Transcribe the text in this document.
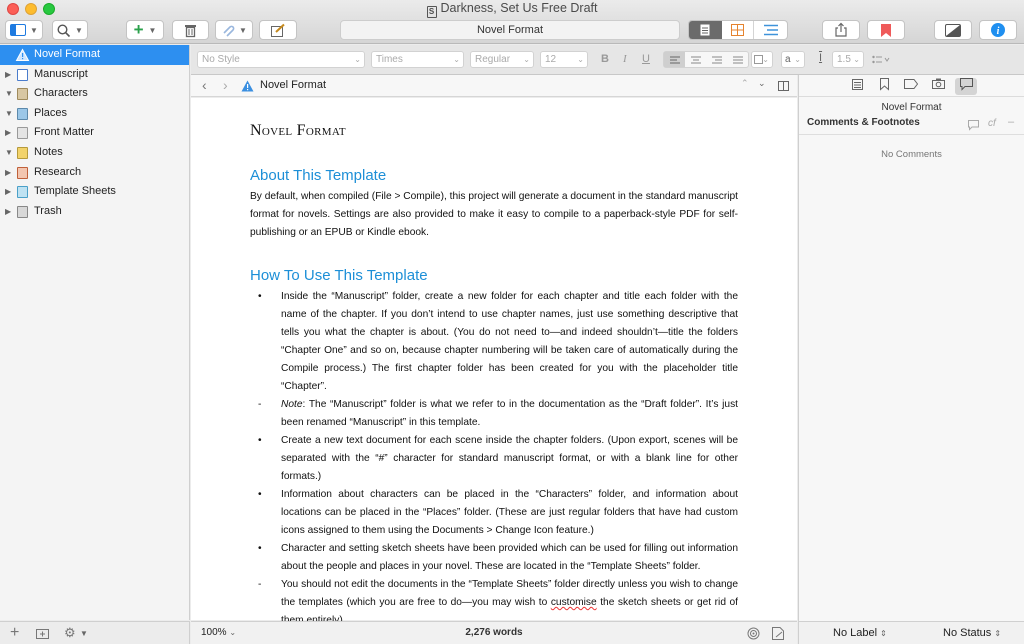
S Darkness, Set Us Free Draft
▼	▼	+ ▼	▼	Novel Format	i
Novel Format
▶ Manuscript
▼ Characters
▼ Places
▶ Front Matter
▼ Notes
▶ Research
▶ Template Sheets
▶ Trash
+	⚙ ▼
No Style	⌄	Times	⌄	Regular ⌄	12	⌄ B I U	⌄	a ⌄ I	1.5 ⌄
‹ ›	Novel Format	⌃ ⌄
Novel Format
About This Template

By default, when compiled (File > Compile), this project will generate a document in the standard manuscript format for novels. Settings are also provided to make it easy to compile to a paperback-style PDF for self-publishing or an EPUB or Kindle ebook.

How To Use This Template
• Inside the “Manuscript” folder, create a new folder for each chapter and title each folder with the name of the chapter. If you don’t intend to use chapter names, just use something descriptive that tells you what the chapter is about. (You do not need to—and indeed shouldn’t—title the folders “Chapter One” and so on, because chapter numbering will be taken care of automatically during the Compile process.) The first chapter folder has been created for you with the placeholder title “Chapter”.
- Note: The “Manuscript” folder is what we refer to in the documentation as the “Draft folder”. It’s just been renamed “Manuscript” in this template.
• Create a new text document for each scene inside the chapter folders. (Upon export, scenes will be separated with the “#” character for standard manuscript format, or with a blank line for other formats.)
• Information about characters can be placed in the “Characters” folder, and information about locations can be placed in the “Places” folder. (These are just regular folders that have had custom icons assigned to them using the Documents > Change Icon feature.)
• Character and setting sketch sheets have been provided which can be used for filling out information about the people and places in your novel. These are located in the “Template Sheets” folder.
- You should not edit the documents in the “Template Sheets” folder directly unless you wish to change the templates (which you are free to do—you may wish to customise the sketch sheets or get rid of
100% ⌄	2,276 words
Novel Format
Comments & Footnotes	cf –
No Comments
No Label ⇕	No Status ⇕
